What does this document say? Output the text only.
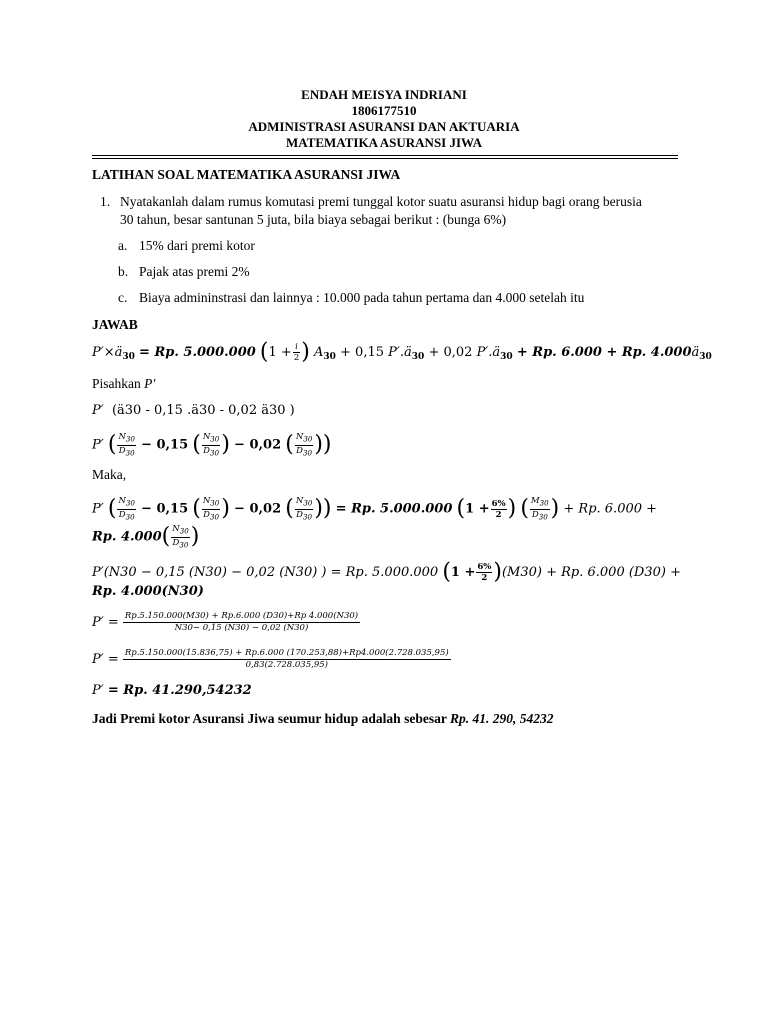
ENDAH MEISYA INDRIANI
1806177510
ADMINISTRASI ASURANSI DAN AKTUARIA
MATEMATIKA ASURANSI JIWA
LATIHAN SOAL MATEMATIKA ASURANSI JIWA
1. Nyatakanlah dalam rumus komutasi premi tunggal kotor suatu asuransi hidup bagi orang berusia
30 tahun, besar santunan 5 juta, bila biaya sebagai berikut : (bunga 6%)
a. 15% dari premi kotor
b. Pajak atas premi 2%
c. Biaya admininstrasi dan lainnya : 10.000 pada tahun pertama dan 4.000 setelah itu
JAWAB
$P'\times ä_{30} = Rp$. 5.000.000 ($1 + \frac{i}{2}$ ) $A_{30} + 0,15$ $P'.ä_{30} + 0,02$ $P'.ä_{30} + Rp$. 6.000 + Rp. $4.000ä_{30}$
Pisahkan P′
P′ (ä30 - 0,15 .ä30 - 0,02 ä30 )
P′ ( $\frac{N_{30}}{D_{30}} - 0,15$ ( $\frac{N_{30}}{D_{30}}$ ) − 0,02 ( $\frac{N_{30}}{D_{30}}$ ))
Maka,
P′ ( $\frac{N_{30}}{D_{30}} - 0,15$ ( $\frac{N_{30}}{D_{30}}$ ) − 0,02 ( $\frac{N_{30}}{D_{30}}$ )) = Rp. 5.000.000 ($1 + \frac{6\%}{2}$ ) ( $\frac{M_{30}}{D_{30}}$ ) + Rp. 6.000 +
Rp. $4.000( \frac{N_{30}}{D_{30}}$ )
P′(N30 − 0,15 (N30) − 0,02 (N30) ) = Rp. 5.000.000 $(1 + \frac{6\%}{2} )(M30) + Rp$. 6.000 (D30) +
Rp. 4.000(N30)
$P' = \frac{Rp.5.150.000(M30) + Rp.6.000 (D30)+Rp 4.000(N30)}{N30- 0,15 (N30) - 0,02 (N30)}$
P′ = Rp.5.150.000(15.836,75) + Rp.6.000 (170.253,88)+Rp4.000(2.728.035,95)
0,83(2.728.035,95)
P′ = Rp. 41.290,54232
Jadi Premi kotor Asuransi Jiwa seumur hidup adalah sebesar Rp. 41. 290, 54232
